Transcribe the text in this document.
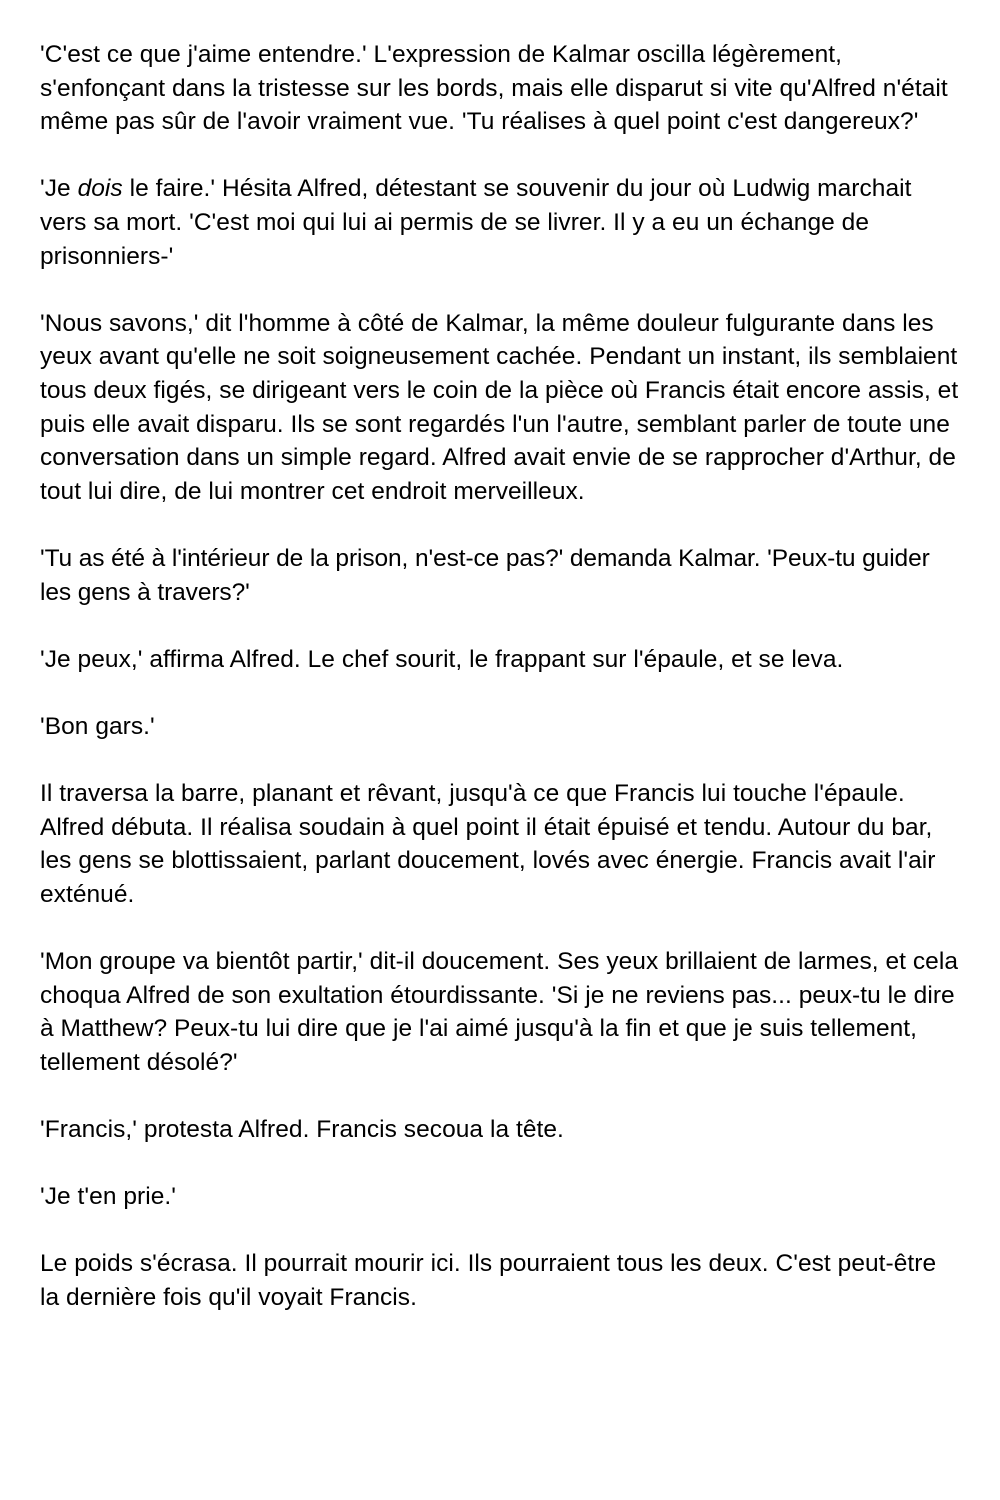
'C'est ce que j'aime entendre.' L'expression de Kalmar oscilla légèrement, s'enfonçant dans la tristesse sur les bords, mais elle disparut si vite qu'Alfred n'était même pas sûr de l'avoir vraiment vue. 'Tu réalises à quel point c'est dangereux?'

'Je dois le faire.' Hésita Alfred, détestant se souvenir du jour où Ludwig marchait vers sa mort. 'C'est moi qui lui ai permis de se livrer. Il y a eu un échange de prisonniers-'

'Nous savons,' dit l'homme à côté de Kalmar, la même douleur fulgurante dans les yeux avant qu'elle ne soit soigneusement cachée. Pendant un instant, ils semblaient tous deux figés, se dirigeant vers le coin de la pièce où Francis était encore assis, et puis elle avait disparu. Ils se sont regardés l'un l'autre, semblant parler de toute une conversation dans un simple regard. Alfred avait envie de se rapprocher d'Arthur, de tout lui dire, de lui montrer cet endroit merveilleux.

'Tu as été à l'intérieur de la prison, n'est-ce pas?' demanda Kalmar. 'Peux-tu guider les gens à travers?'

'Je peux,' affirma Alfred. Le chef sourit, le frappant sur l'épaule, et se leva.

'Bon gars.'

Il traversa la barre, planant et rêvant, jusqu'à ce que Francis lui touche l'épaule. Alfred débuta. Il réalisa soudain à quel point il était épuisé et tendu. Autour du bar, les gens se blottissaient, parlant doucement, lovés avec énergie. Francis avait l'air exténué.

'Mon groupe va bientôt partir,' dit-il doucement. Ses yeux brillaient de larmes, et cela choqua Alfred de son exultation étourdissante. 'Si je ne reviens pas... peux-tu le dire à Matthew? Peux-tu lui dire que je l'ai aimé jusqu'à la fin et que je suis tellement, tellement désolé?'

'Francis,' protesta Alfred. Francis secoua la tête.

'Je t'en prie.'

Le poids s'écrasa. Il pourrait mourir ici. Ils pourraient tous les deux. C'est peut-être la dernière fois qu'il voyait Francis.
